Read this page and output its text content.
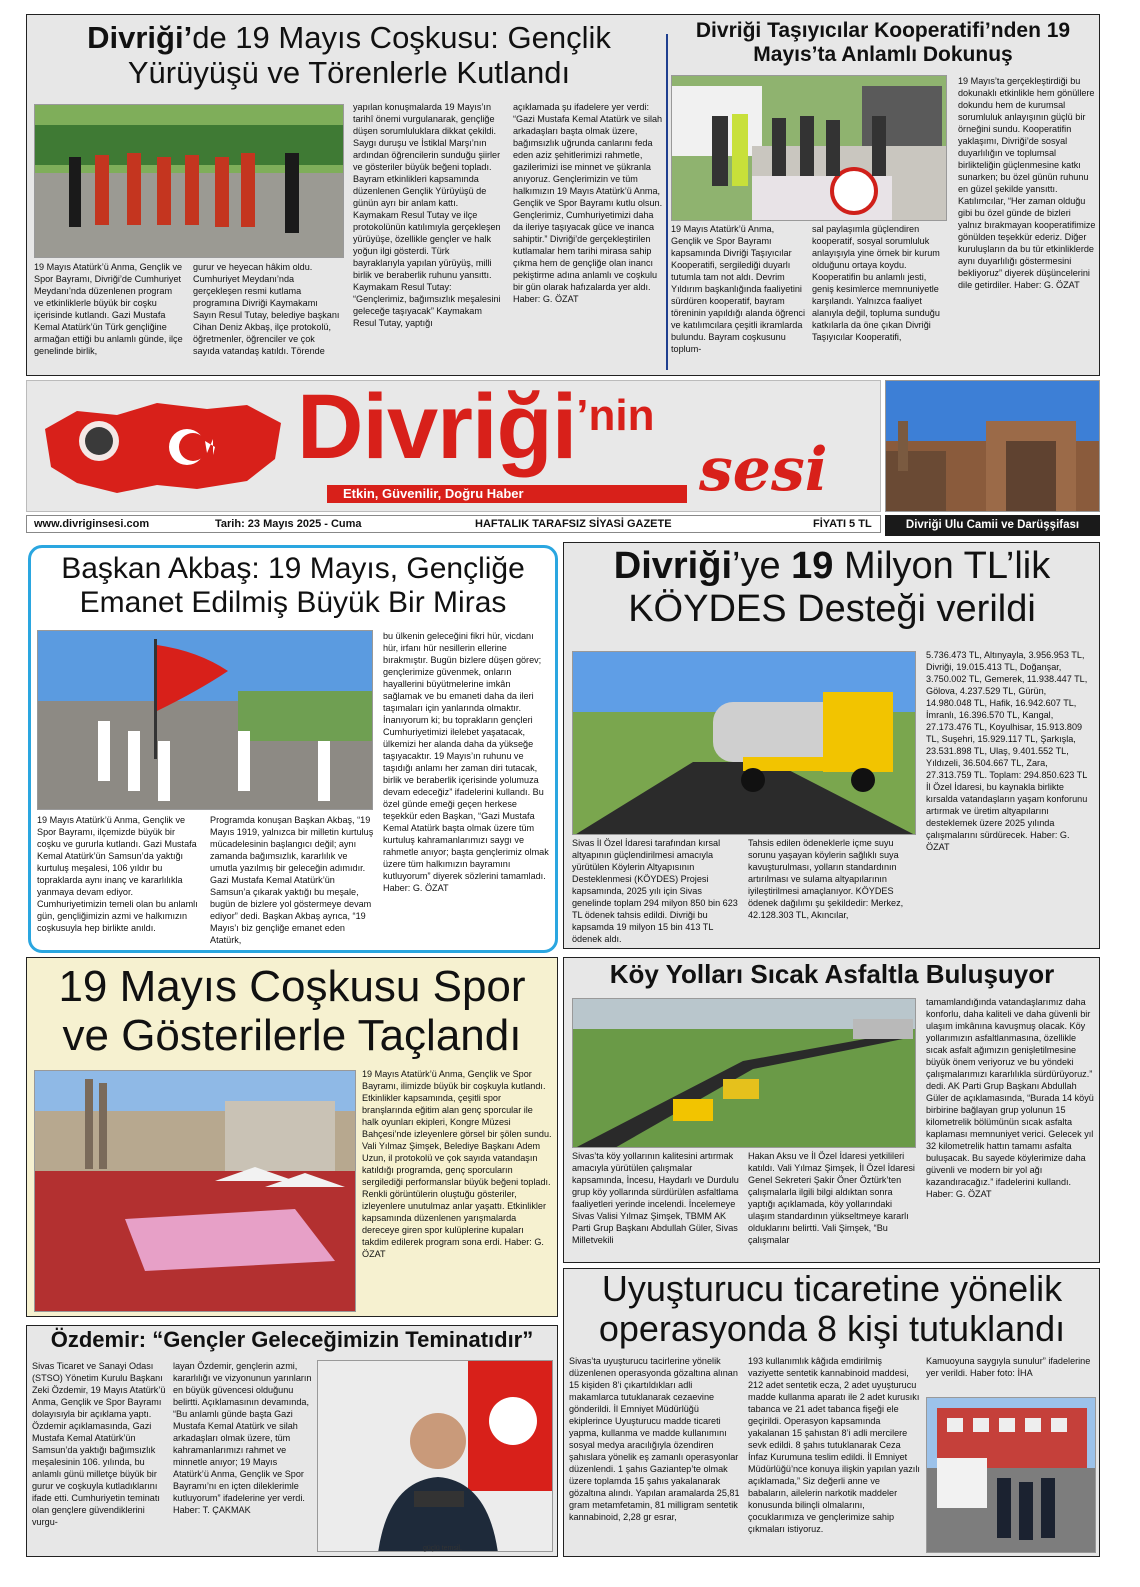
Divriği’de 19 Mayıs Coşkusu: Gençlik Yürüyüşü ve Törenlerle Kutlandı
19 Mayıs Atatürk’ü Anma, Gençlik ve Spor Bayramı, Divriği’de Cumhuriyet Meydanı’nda düzenlenen program ve etkinliklerle büyük bir coşku içerisinde kutlandı. Gazi Mustafa Kemal Atatürk’ün Türk gençliğine armağan ettiği bu anlamlı günde, ilçe genelinde birlik,
gurur ve heyecan hâkim oldu. Cumhuriyet Meydanı’nda gerçekleşen resmi kutlama programına Divriği Kaymakamı Sayın Resul Tutay, belediye başkanı Cihan Deniz Akbaş, ilçe protokolü, öğretmenler, öğrenciler ve çok sayıda vatandaş katıldı. Törende
yapılan konuşmalarda 19 Mayıs’ın tarihî önemi vurgulanarak, gençliğe düşen sorumluluklara dikkat çekildi. Saygı duruşu ve İstiklal Marşı’nın ardından öğrencilerin sunduğu şiirler ve gösteriler büyük beğeni topladı. Bayram etkinlikleri kapsamında düzenlenen Gençlik Yürüyüşü de günün ayrı bir anlam kattı. Kaymakam Resul Tutay ve ilçe protokolünün katılımıyla gerçekleşen yürüyüşe, özellikle gençler ve halk yoğun ilgi gösterdi. Türk bayraklarıyla yapılan yürüyüş, milli birlik ve beraberlik ruhunu yansıttı. Kaymakam Resul Tutay: “Gençlerimiz, bağımsızlık meşalesini geleceğe taşıyacak” Kaymakam Resul Tutay, yaptığı
açıklamada şu ifadelere yer verdi: “Gazi Mustafa Kemal Atatürk ve silah arkadaşları başta olmak üzere, bağımsızlık uğrunda canlarını feda eden aziz şehitlerimizi rahmetle, gazilerimizi ise minnet ve şükranla anıyoruz. Gençlerimizin ve tüm halkımızın 19 Mayıs Atatürk’ü Anma, Gençlik ve Spor Bayramı kutlu olsun. Gençlerimiz, Cumhuriyetimizi daha da ileriye taşıyacak güce ve inanca sahiptir.” Divriği’de gerçekleştirilen kutlamalar hem tarihi mirasa sahip çıkma hem de gençliğe olan inancı pekiştirme adına anlamlı ve coşkulu bir gün olarak hafızalarda yer aldı. Haber: G. ÖZAT
Divriği Taşıyıcılar Kooperatifi’nden 19 Mayıs’ta Anlamlı Dokunuş
19 Mayıs Atatürk’ü Anma, Gençlik ve Spor Bayramı kapsamında Divriği Taşıyıcılar Kooperatifi, sergilediği duyarlı tutumla tam not aldı. Devrim Yıldırım başkanlığında faaliyetini sürdüren kooperatif, bayram töreninin yapıldığı alanda öğrenci ve katılımcılara çeşitli ikramlarda bulundu. Bayram coşkusunu toplum-
sal paylaşımla güçlendiren kooperatif, sosyal sorumluluk anlayışıyla yine örnek bir kurum olduğunu ortaya koydu. Kooperatifin bu anlamlı jesti, geniş kesimlerce memnuniyetle karşılandı. Yalnızca faaliyet alanıyla değil, topluma sunduğu katkılarla da öne çıkan Divriği Taşıyıcılar Kooperatifi,
19 Mayıs’ta gerçekleştirdiği bu dokunaklı etkinlikle hem gönüllere dokundu hem de kurumsal sorumluluk anlayışının güçlü bir örneğini sundu. Kooperatifin yaklaşımı, Divriği’de sosyal duyarlılığın ve toplumsal birlikteliğin güçlenmesine katkı sunarken; bu özel günün ruhunu en güzel şekilde yansıttı. Katılımcılar, “Her zaman olduğu gibi bu özel günde de bizleri yalnız bırakmayan kooperatifimize gönülden teşekkür ederiz. Diğer kuruluşların da bu tür etkinliklerde aynı duyarlılığı göstermesini bekliyoruz” diyerek düşüncelerini dile getirdiler. Haber: G. ÖZAT
Divriği’nin
sesi
Etkin, Güvenilir, Doğru Haber
www.divriginsesi.com	Tarih: 23 Mayıs 2025 - Cuma	HAFTALIK TARAFSIZ SİYASİ GAZETE	FİYATI 5 TL	Divriği Ulu Camii ve Darüşşifası
Başkan Akbaş: 19 Mayıs, Gençliğe Emanet Edilmiş Büyük Bir Miras
19 Mayıs Atatürk’ü Anma, Gençlik ve Spor Bayramı, ilçemizde büyük bir coşku ve gururla kutlandı. Gazi Mustafa Kemal Atatürk’ün Samsun’da yaktığı kurtuluş meşalesi, 106 yıldır bu topraklarda aynı inanç ve kararlılıkla yanmaya devam ediyor. Cumhuriyetimizin temeli olan bu anlamlı gün, gençliğimizin azmi ve halkımızın coşkusuyla hep birlikte anıldı.
Programda konuşan Başkan Akbaş, “19 Mayıs 1919, yalnızca bir milletin kurtuluş mücadelesinin başlangıcı değil; aynı zamanda bağımsızlık, kararlılık ve umutla yazılmış bir geleceğin adımıdır. Gazi Mustafa Kemal Atatürk’ün Samsun’a çıkarak yaktığı bu meşale, bugün de bizlere yol göstermeye devam ediyor” dedi. Başkan Akbaş ayrıca, “19 Mayıs’ı biz gençliğe emanet eden Atatürk,
bu ülkenin geleceğini fikri hür, vicdanı hür, irfanı hür nesillerin ellerine bırakmıştır. Bugün bizlere düşen görev; gençlerimize güvenmek, onların hayallerini büyütmelerine imkân sağlamak ve bu emaneti daha da ileri taşımaları için yanlarında olmaktır. İnanıyorum ki; bu toprakların gençleri Cumhuriyetimizi ilelebet yaşatacak, ülkemizi her alanda daha da yükseğe taşıyacaktır. 19 Mayıs’ın ruhunu ve taşıdığı anlamı her zaman diri tutacak, birlik ve beraberlik içerisinde yolumuza devam edeceğiz” ifadelerini kullandı. Bu özel günde emeği geçen herkese teşekkür eden Başkan, “Gazi Mustafa Kemal Atatürk başta olmak üzere tüm kurtuluş kahramanlarımızı saygı ve rahmetle anıyor; başta gençlerimiz olmak üzere tüm halkımızın bayramını kutluyorum” diyerek sözlerini tamamladı. Haber: G. ÖZAT
Divriği’ye 19 Milyon TL’lik KÖYDES Desteği verildi
Sivas İl Özel İdaresi tarafından kırsal altyapının güçlendirilmesi amacıyla yürütülen Köylerin Altyapısının Desteklenmesi (KÖYDES) Projesi kapsamında, 2025 yılı için Sivas genelinde toplam 294 milyon 850 bin 623 TL ödenek tahsis edildi. Divriği bu kapsamda 19 milyon 15 bin 413 TL ödenek aldı.
Tahsis edilen ödeneklerle içme suyu sorunu yaşayan köylerin sağlıklı suya kavuşturulması, yolların standardının artırılması ve sulama altyapılarının iyileştirilmesi amaçlanıyor. KÖYDES ödenek dağılımı şu şekildedir: Merkez, 42.128.303 TL, Akıncılar,
5.736.473 TL, Altınyayla, 3.956.953 TL, Divriği, 19.015.413 TL, Doğanşar, 3.750.002 TL, Gemerek, 11.938.447 TL, Gölova, 4.237.529 TL, Gürün, 14.980.048 TL, Hafik, 16.942.607 TL, İmranlı, 16.396.570 TL, Kangal, 27.173.476 TL, Koyulhisar, 15.913.809 TL, Suşehri, 15.929.117 TL, Şarkışla, 23.531.898 TL, Ulaş, 9.401.552 TL, Yıldızeli, 36.504.667 TL, Zara, 27.313.759 TL. Toplam: 294.850.623 TL İl Özel İdaresi, bu kaynakla birlikte kırsalda vatandaşların yaşam konforunu artırmak ve üretim altyapılarını desteklemek üzere 2025 yılında çalışmalarını sürdürecek. Haber: G. ÖZAT
19 Mayıs Coşkusu Spor ve Gösterilerle Taçlandı
19 Mayıs Atatürk’ü Anma, Gençlik ve Spor Bayramı, ilimizde büyük bir coşkuyla kutlandı. Etkinlikler kapsamında, çeşitli spor branşlarında eğitim alan genç sporcular ile halk oyunları ekipleri, Kongre Müzesi Bahçesi’nde izleyenlere görsel bir şölen sundu. Vali Yılmaz Şimşek, Belediye Başkanı Adem Uzun, il protokolü ve çok sayıda vatandaşın katıldığı programda, genç sporcuların sergilediği performanslar büyük beğeni topladı. Renkli görüntülerin oluştuğu gösteriler, izleyenlere unutulmaz anlar yaşattı. Etkinlikler kapsamında düzenlenen yarışmalarda dereceye giren spor kulüplerine kupaları takdim edilerek program sona erdi. Haber: G. ÖZAT
Köy Yolları Sıcak Asfaltla Buluşuyor
Sivas’ta köy yollarının kalitesini artırmak amacıyla yürütülen çalışmalar kapsamında, İncesu, Haydarlı ve Durdulu grup köy yollarında sürdürülen asfaltlama faaliyetleri yerinde incelendi. İncelemeye Sivas Valisi Yılmaz Şimşek, TBMM AK Parti Grup Başkanı Abdullah Güler, Sivas Milletvekili
Hakan Aksu ve İl Özel İdaresi yetkilileri katıldı. Vali Yılmaz Şimşek, İl Özel İdaresi Genel Sekreteri Şakir Öner Öztürk’ten çalışmalarla ilgili bilgi aldıktan sonra yaptığı açıklamada, köy yollarındaki ulaşım standardının yükseltmeye kararlı olduklarını belirtti. Vali Şimşek, “Bu çalışmalar
tamamlandığında vatandaşlarımız daha konforlu, daha kaliteli ve daha güvenli bir ulaşım imkânına kavuşmuş olacak. Köy yollarımızın asfaltlanmasına, özellikle sıcak asfalt ağımızın genişletilmesine büyük önem veriyoruz ve bu yöndeki çalışmalarımızı kararlılıkla sürdürüyoruz.” dedi. AK Parti Grup Başkanı Abdullah Güler de açıklamasında, “Burada 14 köyü birbirine bağlayan grup yolunun 15 kilometrelik bölümünün sıcak asfalta kaplaması memnuniyet verici. Gelecek yıl 32 kilometrelik hattın tamamı asfalta buluşacak. Bu sayede köylerimize daha güvenli ve modern bir yol ağı kazandıracağız.” ifadelerini kullandı. Haber: G. ÖZAT
Özdemir: “Gençler Geleceğimizin Teminatıdır”
Sivas Ticaret ve Sanayi Odası (STSO) Yönetim Kurulu Başkanı Zeki Özdemir, 19 Mayıs Atatürk’ü Anma, Gençlik ve Spor Bayramı dolayısıyla bir açıklama yaptı. Özdemir açıklamasında, Gazi Mustafa Kemal Atatürk’ün Samsun’da yaktığı bağımsızlık meşalesinin 106. yılında, bu anlamlı günü milletçe büyük bir gurur ve coşkuyla kutladıklarını ifade etti. Cumhuriyetin teminatı olan gençlere güvendiklerini vurgu-
layan Özdemir, gençlerin azmi, kararlılığı ve vizyonunun yarınların en büyük güvencesi olduğunu belirtti. Açıklamasının devamında, “Bu anlamlı günde başta Gazi Mustafa Kemal Atatürk ve silah arkadaşları olmak üzere, tüm kahramanlarımızı rahmet ve minnetle anıyor; 19 Mayıs Atatürk’ü Anma, Gençlik ve Spor Bayramı’nı en içten dileklerimle kutluyorum” ifadelerine yer verdi. Haber: T. ÇAKMAK
güçlü temsil,
Uyuşturucu ticaretine yönelik operasyonda 8 kişi tutuklandı
Sivas’ta uyuşturucu tacirlerine yönelik düzenlenen operasyonda gözaltına alınan 15 kişiden 8’i çıkartıldıkları adli makamlarca tutuklanarak cezaevine gönderildi. İl Emniyet Müdürlüğü ekiplerince Uyuşturucu madde ticareti yapma, kullanma ve madde kullanımını sosyal medya aracılığıyla özendiren şahıslara yönelik eş zamanlı operasyonlar düzenlendi. 1 şahıs Gaziantep’te olmak üzere toplamda 15 şahıs yakalanarak gözaltına alındı. Yapılan aramalarda 25,81 gram metamfetamin, 81 milligram sentetik kannabinoid, 2,28 gr esrar,
193 kullanımlık kâğıda emdirilmiş vaziyette sentetik kannabinoid maddesi, 212 adet sentetik ecza, 2 adet uyuşturucu madde kullanma aparatı ile 2 adet kurusıkı tabanca ve 21 adet tabanca fişeği ele geçirildi. Operasyon kapsamında yakalanan 15 şahıstan 8’i adli mercilere sevk edildi. 8 şahıs tutuklanarak Ceza İnfaz Kurumuna teslim edildi. İl Emniyet Müdürlüğü’nce konuya ilişkin yapılan yazılı açıklamada,” Siz değerli anne ve babaların, ailelerin narkotik maddeler konusunda bilinçli olmalarını, çocuklarımıza ve gençlerimize sahip çıkmaları istiyoruz.
Kamuoyuna saygıyla sunulur” ifadelerine yer verildi. Haber foto: İHA
